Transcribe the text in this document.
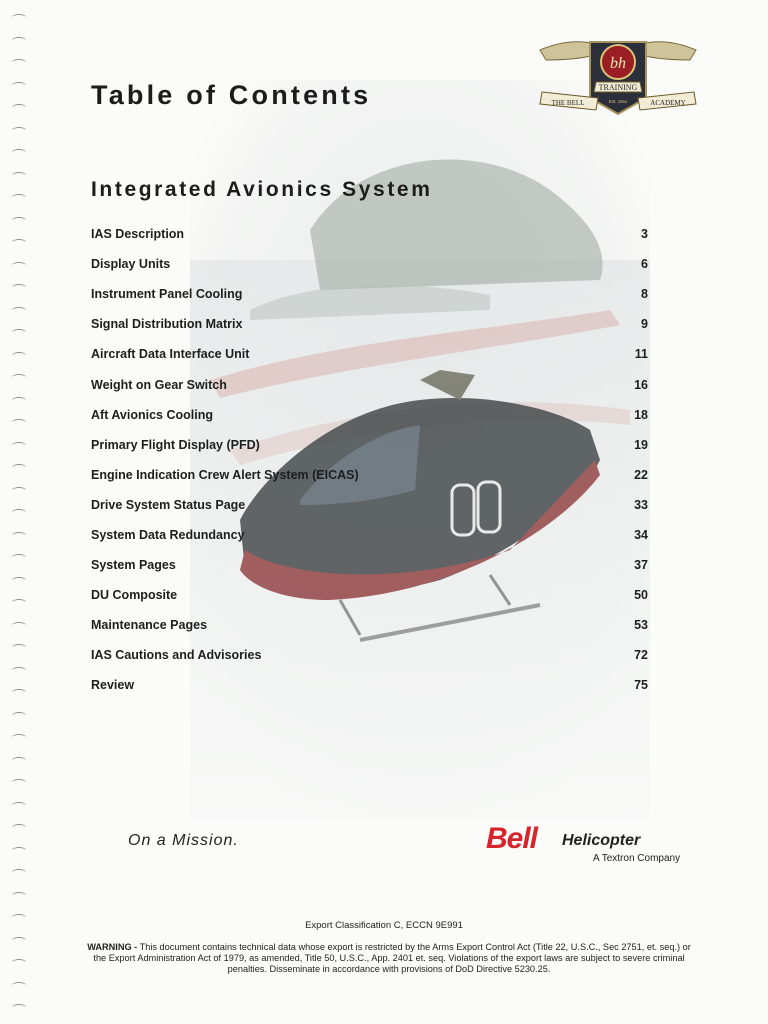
Table of Contents
bh
TRAINING
THE BELL	ACADEMY
Est. 19xx
Integrated Avionics System
IAS Description	3
Display Units	6
Instrument Panel Cooling	8
Signal Distribution Matrix	9
Aircraft Data Interface Unit	11
Weight on Gear Switch	16
Aft Avionics Cooling	18
Primary Flight Display (PFD)	19
Engine Indication Crew Alert System (EICAS)	22
Drive System Status Page	33
System Data Redundancy	34
System Pages	37
DU Composite	50
Maintenance Pages	53
IAS Cautions and Advisories	72
Review	75
On a Mission.	Bell Helicopter
A Textron Company
Export Classification C, ECCN 9E991
WARNING - This document contains technical data whose export is restricted by the Arms Export Control Act (Title 22, U.S.C., Sec 2751, et. seq.) or the Export Administration Act of 1979, as amended, Title 50, U.S.C., App. 2401 et. seq. Violations of the export laws are subject to severe criminal penalties. Disseminate in accordance with provisions of DoD Directive 5230.25.
